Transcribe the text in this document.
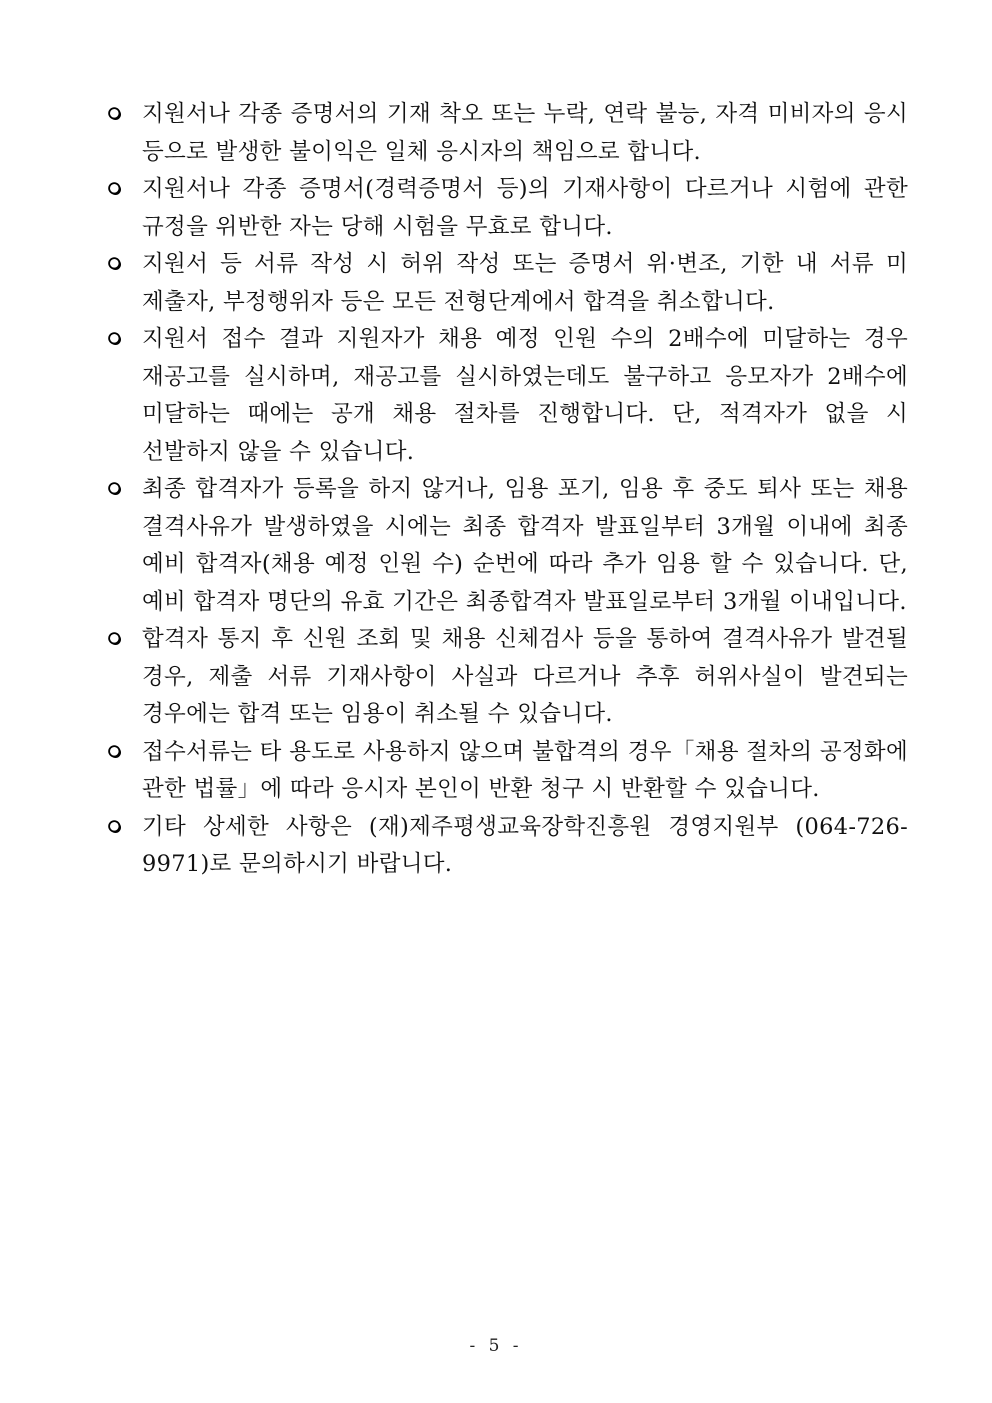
지원서나 각종 증명서의 기재 착오 또는 누락, 연락 불능, 자격 미비자의 응시 등으로 발생한 불이익은 일체 응시자의 책임으로 합니다.
지원서나 각종 증명서(경력증명서 등)의 기재사항이 다르거나 시험에 관한 규정을 위반한 자는 당해 시험을 무효로 합니다.
지원서 등 서류 작성 시 허위 작성 또는 증명서 위·변조, 기한 내 서류 미 제출자, 부정행위자 등은 모든 전형단계에서 합격을 취소합니다.
지원서 접수 결과 지원자가 채용 예정 인원 수의 2배수에 미달하는 경우 재공고를 실시하며, 재공고를 실시하였는데도 불구하고 응모자가 2배수에 미달하는 때에는 공개 채용 절차를 진행합니다. 단, 적격자가 없을 시 선발하지 않을 수 있습니다.
최종 합격자가 등록을 하지 않거나, 임용 포기, 임용 후 중도 퇴사 또는 채용 결격사유가 발생하였을 시에는 최종 합격자 발표일부터 3개월 이내에 최종 예비 합격자(채용 예정 인원 수) 순번에 따라 추가 임용 할 수 있습니다. 단, 예비 합격자 명단의 유효 기간은 최종합격자 발표일로부터 3개월 이내입니다.
합격자 통지 후 신원 조회 및 채용 신체검사 등을 통하여 결격사유가 발견될 경우, 제출 서류 기재사항이 사실과 다르거나 추후 허위사실이 발견되는 경우에는 합격 또는 임용이 취소될 수 있습니다.
접수서류는 타 용도로 사용하지 않으며 불합격의 경우「채용 절차의 공정화에 관한 법률」에 따라 응시자 본인이 반환 청구 시 반환할 수 있습니다.
기타 상세한 사항은 (재)제주평생교육장학진흥원 경영지원부 (064-726-9971)로 문의하시기 바랍니다.
- 5 -
